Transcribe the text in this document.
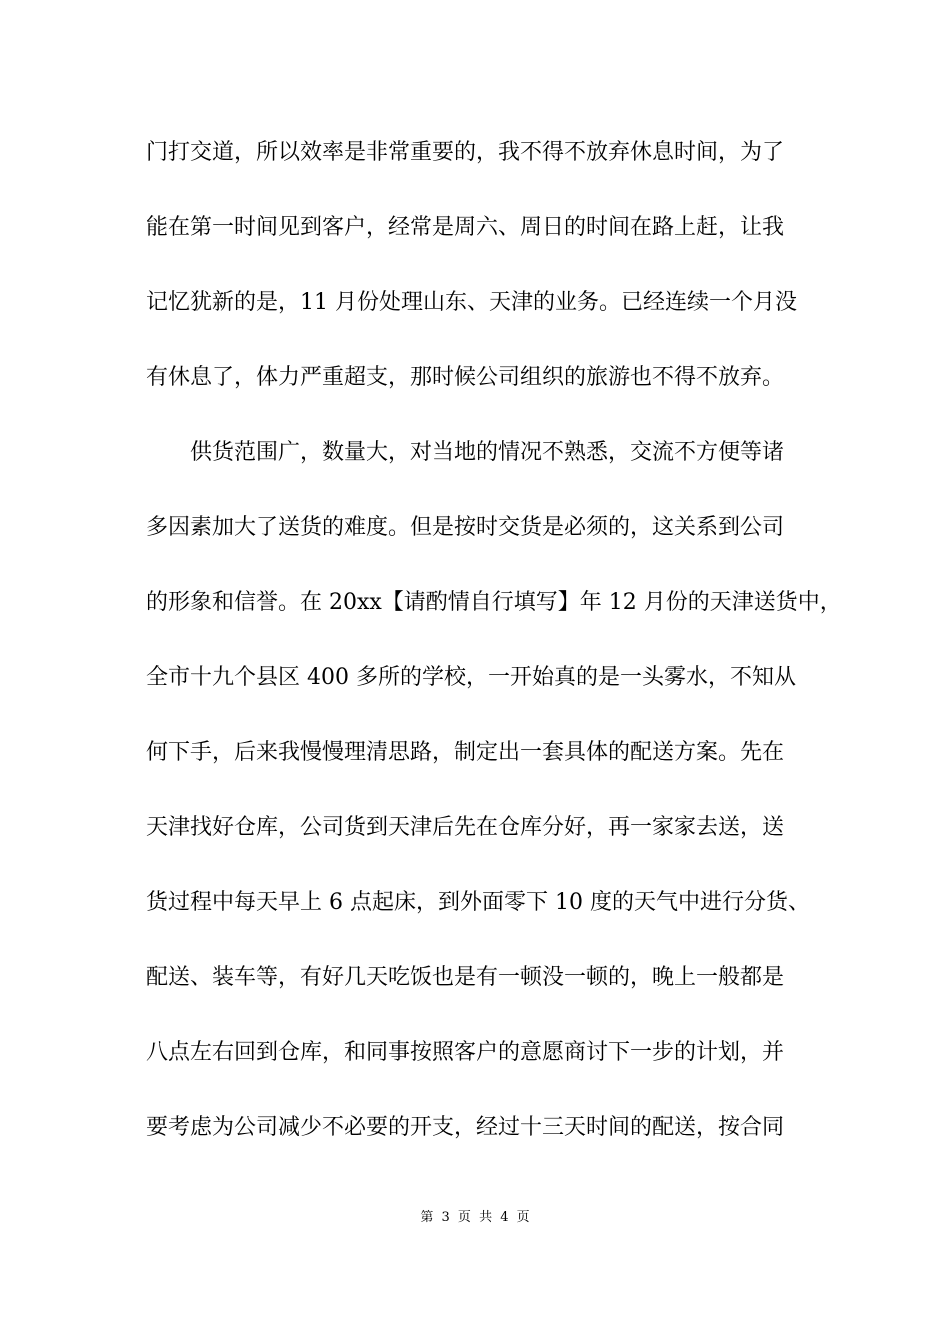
门打交道，所以效率是非常重要的，我不得不放弃休息时间，为了
能在第一时间见到客户，经常是周六、周日的时间在路上赶，让我
记忆犹新的是，11 月份处理山东、天津的业务。已经连续一个月没
有休息了，体力严重超支，那时候公司组织的旅游也不得不放弃。
供货范围广，数量大，对当地的情况不熟悉，交流不方便等诸
多因素加大了送货的难度。但是按时交货是必须的，这关系到公司
的形象和信誉。在 20xx【请酌情自行填写】年 12 月份的天津送货中，
全市十九个县区 400 多所的学校，一开始真的是一头雾水，不知从
何下手，后来我慢慢理清思路，制定出一套具体的配送方案。先在
天津找好仓库，公司货到天津后先在仓库分好，再一家家去送，送
货过程中每天早上 6 点起床，到外面零下 10 度的天气中进行分货、
配送、装车等，有好几天吃饭也是有一顿没一顿的，晚上一般都是
八点左右回到仓库，和同事按照客户的意愿商讨下一步的计划，并
要考虑为公司减少不必要的开支，经过十三天时间的配送，按合同
第 3 页 共 4 页
